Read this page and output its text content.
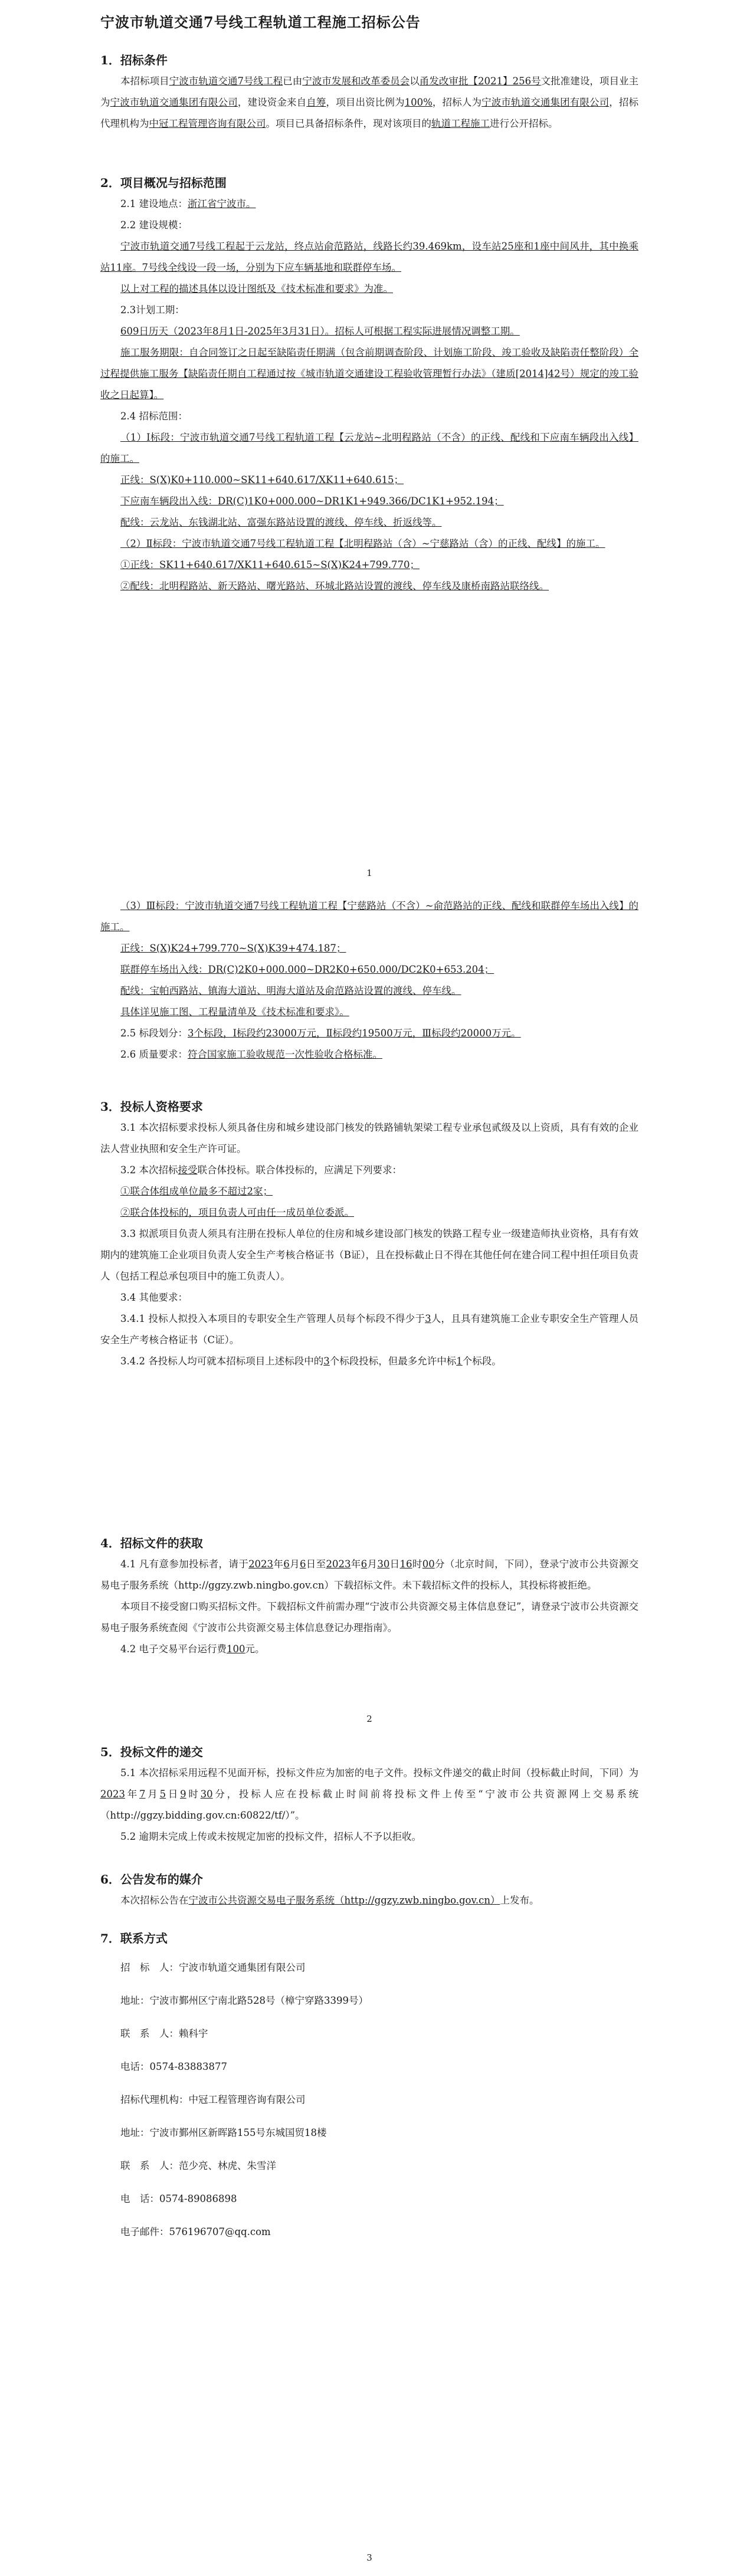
宁波市轨道交通7号线工程轨道工程施工招标公告

1．招标条件

本招标项目宁波市轨道交通7号线工程已由宁波市发展和改革委员会以甬发改审批【2021】256号文批准建设，项目业主为宁波市轨道交通集团有限公司，建设资金来自自筹，项目出资比例为100%，招标人为宁波市轨道交通集团有限公司，招标代理机构为中冠工程管理咨询有限公司。项目已具备招标条件，现对该项目的轨道工程施工进行公开招标。

2．项目概况与招标范围

2.1 建设地点：浙江省宁波市。

2.2 建设规模：

宁波市轨道交通7号线工程起于云龙站，终点站俞范路站，线路长约39.469km，设车站25座和1座中间风井，其中换乘站11座。7号线全线设一段一场，分别为下应车辆基地和联群停车场。

以上对工程的描述具体以设计图纸及《技术标准和要求》为准。

2.3计划工期：

609日历天（2023年8月1日-2025年3月31日）。招标人可根据工程实际进展情况调整工期。

施工服务期限：自合同签订之日起至缺陷责任期满（包含前期调查阶段、计划施工阶段、竣工验收及缺陷责任整阶段）全过程提供施工服务【缺陷责任期自工程通过按《城市轨道交通建设工程验收管理暂行办法》（建质[2014]42号）规定的竣工验收之日起算】。

2.4 招标范围：

（1）Ⅰ标段：宁波市轨道交通7号线工程轨道工程【云龙站~北明程路站（不含）的正线、配线和下应南车辆段出入线】的施工。

正线：S(X)K0+110.000~SK11+640.617/XK11+640.615；

下应南车辆段出入线：DR(C)1K0+000.000~DR1K1+949.366/DC1K1+952.194；

配线：云龙站、东钱湖北站、富强东路站设置的渡线、停车线、折返线等。

（2）Ⅱ标段：宁波市轨道交通7号线工程轨道工程【北明程路站（含）~宁慈路站（含）的正线、配线】的施工。

①正线：SK11+640.617/XK11+640.615~S(X)K24+799.770；

②配线：北明程路站、新天路站、曙光路站、环城北路站设置的渡线、停车线及康桥南路站联络线。

1

（3）Ⅲ标段：宁波市轨道交通7号线工程轨道工程【宁慈路站（不含）~俞范路站的正线、配线和联群停车场出入线】的施工。

正线：S(X)K24+799.770~S(X)K39+474.187；

联群停车场出入线：DR(C)2K0+000.000~DR2K0+650.000/DC2K0+653.204；

配线：宝帕西路站、镇海大道站、明海大道站及俞范路站设置的渡线、停车线。

具体详见施工图、工程量清单及《技术标准和要求》。

2.5 标段划分：3个标段，Ⅰ标段约23000万元，Ⅱ标段约19500万元，Ⅲ标段约20000万元。

2.6 质量要求：符合国家施工验收规范一次性验收合格标准。

3．投标人资格要求

3.1 本次招标要求投标人须具备住房和城乡建设部门核发的铁路铺轨架梁工程专业承包贰级及以上资质，具有有效的企业法人营业执照和安全生产许可证。

3.2 本次招标接受联合体投标。联合体投标的，应满足下列要求：

①联合体组成单位最多不超过2家；

②联合体投标的，项目负责人可由任一成员单位委派。

3.3 拟派项目负责人须具有注册在投标人单位的住房和城乡建设部门核发的铁路工程专业一级建造师执业资格，具有有效期内的建筑施工企业项目负责人安全生产考核合格证书（B证），且在投标截止日不得在其他任何在建合同工程中担任项目负责人（包括工程总承包项目中的施工负责人）。

3.4 其他要求：

3.4.1 投标人拟投入本项目的专职安全生产管理人员每个标段不得少于3人，且具有建筑施工企业专职安全生产管理人员安全生产考核合格证书（C证）。

3.4.2 各投标人均可就本招标项目上述标段中的3个标段投标，但最多允许中标1个标段。

4．招标文件的获取

4.1 凡有意参加投标者，请于2023年6月6日至2023年6月30日16时00分（北京时间，下同），登录宁波市公共资源交易电子服务系统（http://ggzy.zwb.ningbo.gov.cn）下载招标文件。未下载招标文件的投标人，其投标将被拒绝。

本项目不接受窗口购买招标文件。下载招标文件前需办理“宁波市公共资源交易主体信息登记”，请登录宁波市公共资源交易电子服务系统查阅《宁波市公共资源交易主体信息登记办理指南》。

4.2 电子交易平台运行费100元。

2

5．投标文件的递交

5.1 本次招标采用远程不见面开标，投标文件应为加密的电子文件。投标文件递交的截止时间（投标截止时间，下同）为2023年7月5日9时30分，投标人应在投标截止时间前将投标文件上传至“宁波市公共资源网上交易系统（http://ggzy.bidding.gov.cn:60822/tf/）”。

5.2 逾期未完成上传或未按规定加密的投标文件，招标人不予以拒收。

6．公告发布的媒介

本次招标公告在宁波市公共资源交易电子服务系统（http://ggzy.zwb.ningbo.gov.cn）上发布。

7．联系方式

招　标　人：宁波市轨道交通集团有限公司

地址：宁波市鄞州区宁南北路528号（樟宁穿路3399号）

联　系　人：赖科宇

电话：0574-83883877

招标代理机构：中冠工程管理咨询有限公司

地址：宁波市鄞州区新晖路155号东城国贸18楼

联　系　人：范少亮、林虎、朱雪洋

电　话：0574-89086898

电子邮件：576196707@qq.com

3
